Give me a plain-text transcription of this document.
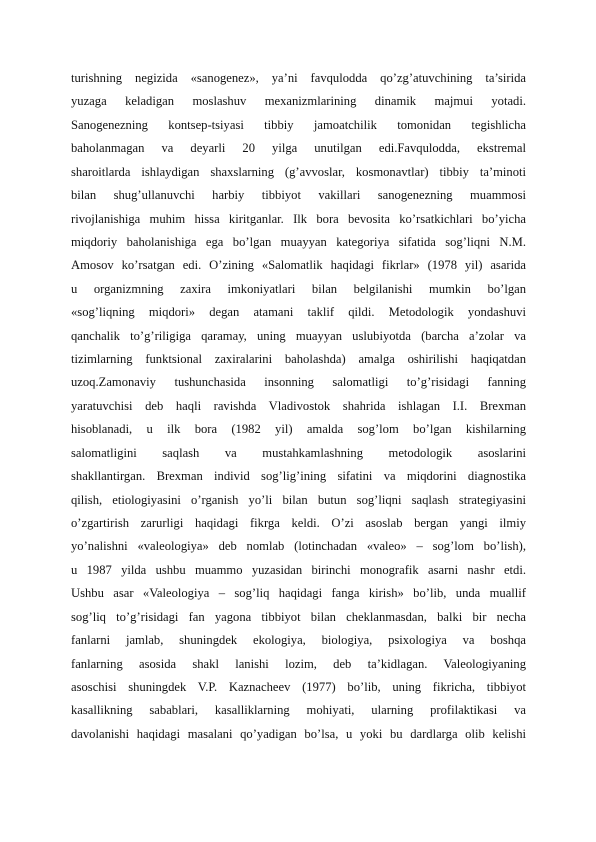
turishning negizida «sanogenez», ya’ni favqulodda qo’zg’atuvchining ta’sirida
yuzaga keladigan moslashuv mexanizmlarining dinamik majmui yotadi.
Sanogenezning kontsep-tsiyasi tibbiy jamoatchilik tomonidan tegishlicha
baholanmagan va deyarli 20 yilga unutilgan edi.Favqulodda, ekstremal
sharoitlarda ishlaydigan shaxslarning (g’avvoslar, kosmonavtlar) tibbiy ta’minoti
bilan shug’ullanuvchi harbiy tibbiyot vakillari sanogenezning muammosi
rivojlanishiga muhim hissa kiritganlar. Ilk bora bevosita ko’rsatkichlari bo’yicha
miqdoriy baholanishiga ega bo’lgan muayyan kategoriya sifatida sog’liqni N.M.
Amosov ko’rsatgan edi. O’zining «Salomatlik haqidagi fikrlar» (1978 yil) asarida
u organizmning zaxira imkoniyatlari bilan belgilanishi mumkin bo’lgan
«sog’liqning miqdori» degan atamani taklif qildi. Metodologik yondashuvi
qanchalik to’g’riligiga qaramay, uning muayyan uslubiyotda (barcha a’zolar va
tizimlarning funktsional zaxiralarini baholashda) amalga oshirilishi haqiqatdan
uzoq.Zamonaviy tushunchasida insonning salomatligi to’g’risidagi fanning
yaratuvchisi deb haqli ravishda Vladivostok shahrida ishlagan I.I. Brexman
hisoblanadi, u ilk bora (1982 yil) amalda sog’lom bo’lgan kishilarning
salomatligini saqlash va mustahkamlashning metodologik asoslarini
shakllantirgan. Brexman individ sog’lig’ining sifatini va miqdorini diagnostika
qilish, etiologiyasini o’rganish yo’li bilan butun sog’liqni saqlash strategiyasini
o’zgartirish zarurligi haqidagi fikrga keldi. O’zi asoslab bergan yangi ilmiy
yo’nalishni «valeologiya» deb nomlab (lotinchadan «valeo» – sog’lom bo’lish),
u 1987 yilda ushbu muammo yuzasidan birinchi monografik asarni nashr etdi.
Ushbu asar «Valeologiya – sog’liq haqidagi fanga kirish» bo’lib, unda muallif
sog’liq to’g’risidagi fan yagona tibbiyot bilan cheklanmasdan, balki bir necha
fanlarni jamlab, shuningdek ekologiya, biologiya, psixologiya va boshqa
fanlarning asosida shakl lanishi lozim, deb ta’kidlagan. Valeologiyaning
asoschisi shuningdek V.P. Kaznacheev (1977) bo’lib, uning fikricha, tibbiyot
kasallikning sabablari, kasalliklarning mohiyati, ularning profilaktikasi va
davolanishi haqidagi masalani qo’yadigan bo’lsa, u yoki bu dardlarga olib kelishi
